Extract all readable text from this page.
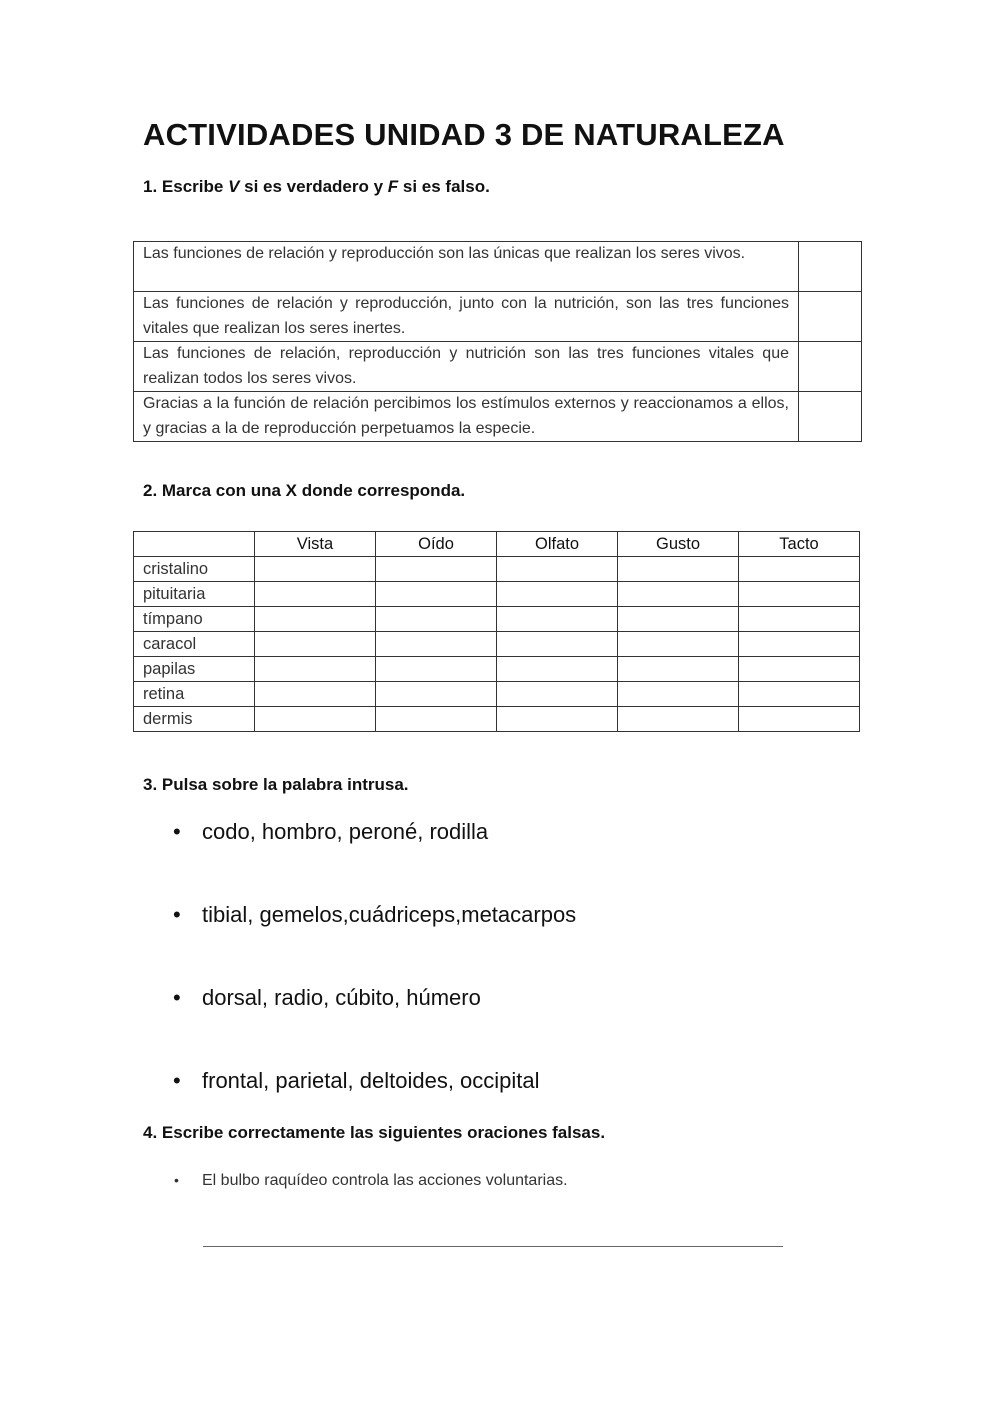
ACTIVIDADES UNIDAD 3 DE NATURALEZA
1. Escribe V si es verdadero y F si es falso.
Las funciones de relación y reproducción son las únicas que realizan los seres vivos.	
Las funciones de relación y reproducción, junto con la nutrición, son las tres funciones vitales que realizan los seres inertes.	
Las funciones de relación, reproducción y nutrición son las tres funciones vitales que realizan todos los seres vivos.	
Gracias a la función de relación percibimos los estímulos externos y reaccionamos a ellos, y gracias a la de reproducción perpetuamos la especie.	
2. Marca con una X donde corresponda.
	Vista	Oído	Olfato	Gusto	Tacto
cristalino					
pituitaria					
tímpano					
caracol					
papilas					
retina					
dermis					
3. Pulsa sobre la palabra intrusa.
• codo, hombro, peroné, rodilla
• tibial, gemelos,cuádriceps,metacarpos
• dorsal, radio, cúbito, húmero
• frontal, parietal, deltoides, occipital
4. Escribe correctamente las siguientes oraciones falsas.
• El bulbo raquídeo controla las acciones voluntarias.
